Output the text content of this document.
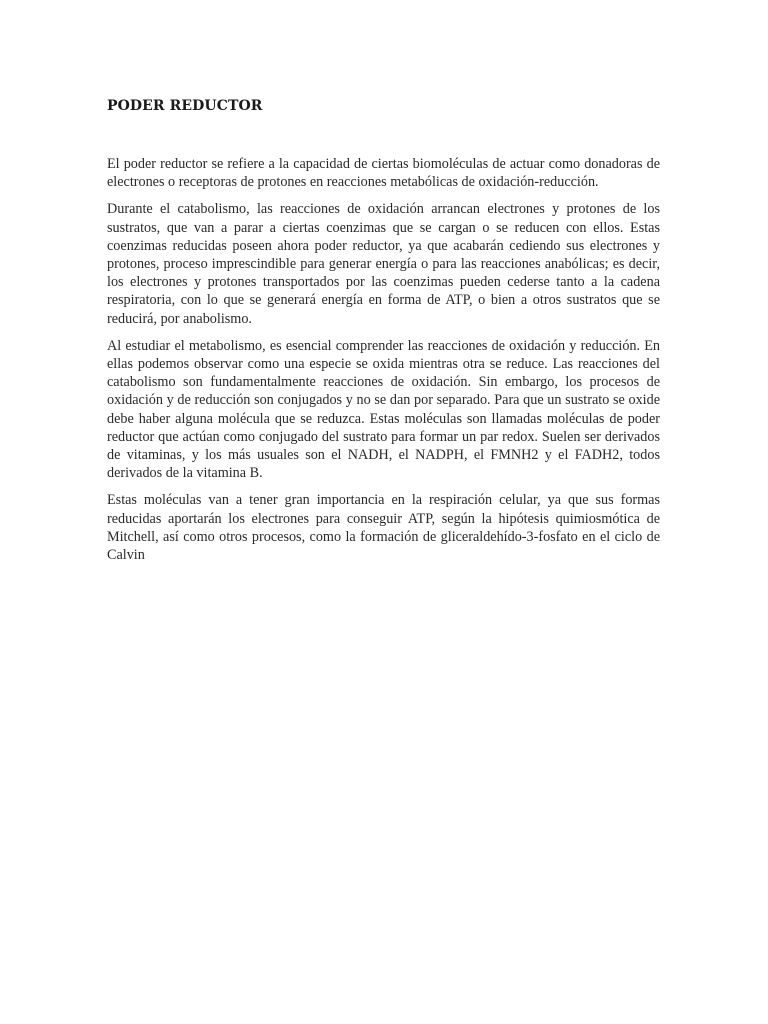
PODER REDUCTOR

El poder reductor se refiere a la capacidad de ciertas biomoléculas de actuar como donadoras de electrones o receptoras de protones en reacciones metabólicas de oxidación-reducción.

Durante el catabolismo, las reacciones de oxidación arrancan electrones y protones de los sustratos, que van a parar a ciertas coenzimas que se cargan o se reducen con ellos. Estas coenzimas reducidas poseen ahora poder reductor, ya que acabarán cediendo sus electrones y protones, proceso imprescindible para generar energía o para las reacciones anabólicas; es decir, los electrones y protones transportados por las coenzimas pueden cederse tanto a la cadena respiratoria, con lo que se generará energía en forma de ATP, o bien a otros sustratos que se reducirá, por anabolismo.

Al estudiar el metabolismo, es esencial comprender las reacciones de oxidación y reducción. En ellas podemos observar como una especie se oxida mientras otra se reduce. Las reacciones del catabolismo son fundamentalmente reacciones de oxidación. Sin embargo, los procesos de oxidación y de reducción son conjugados y no se dan por separado. Para que un sustrato se oxide debe haber alguna molécula que se reduzca. Estas moléculas son llamadas moléculas de poder reductor que actúan como conjugado del sustrato para formar un par redox. Suelen ser derivados de vitaminas, y los más usuales son el NADH, el NADPH, el FMNH2 y el FADH2, todos derivados de la vitamina B.

Estas moléculas van a tener gran importancia en la respiración celular, ya que sus formas reducidas aportarán los electrones para conseguir ATP, según la hipótesis quimiosmótica de Mitchell, así como otros procesos, como la formación de gliceraldehído-3-fosfato en el ciclo de Calvin
